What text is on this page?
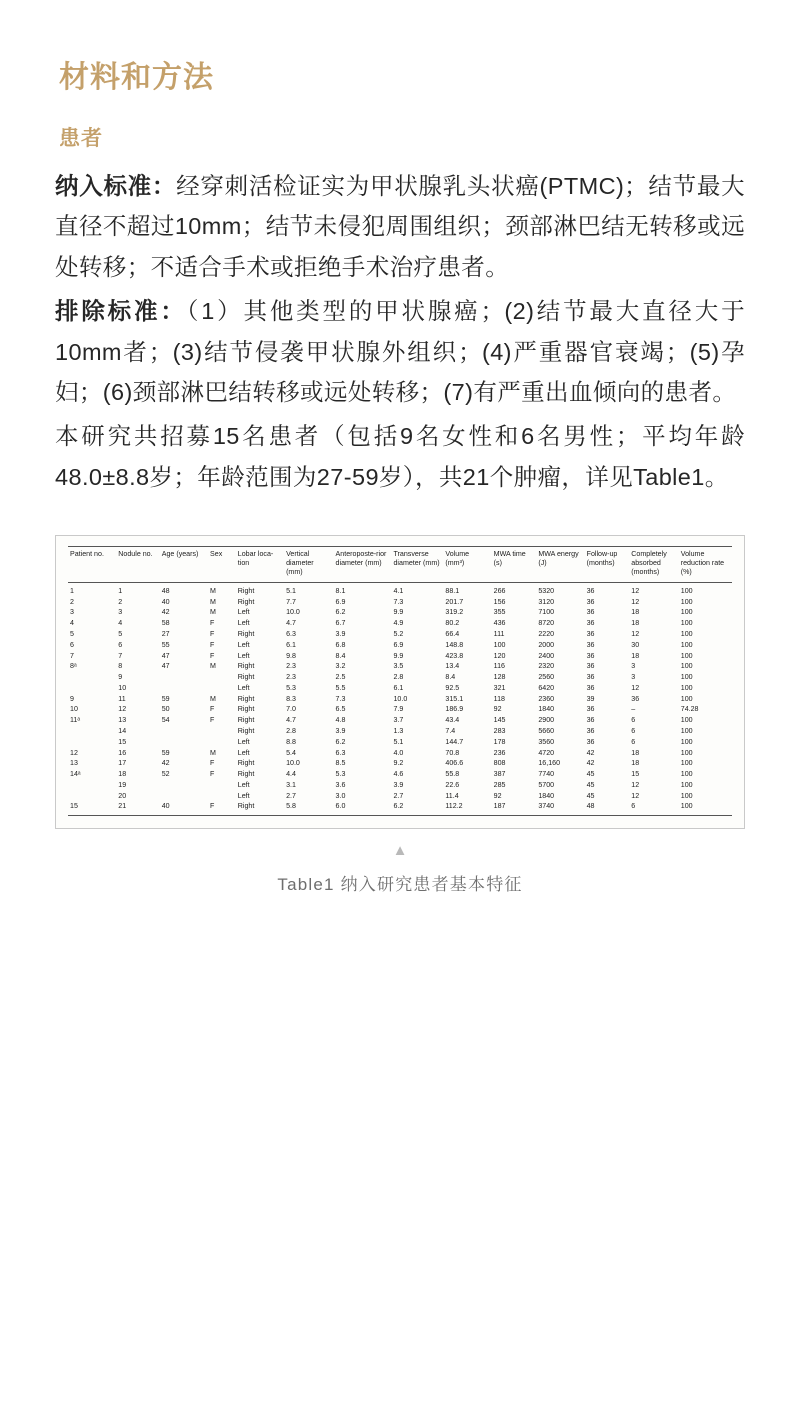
材料和方法
患者

纳入标准：经穿刺活检证实为甲状腺乳头状癌(PTMC)；结节最大直径不超过10mm；结节未侵犯周围组织；颈部淋巴结无转移或远处转移；不适合手术或拒绝手术治疗患者。

排除标准：（1）其他类型的甲状腺癌；(2)结节最大直径大于10mm者；(3)结节侵袭甲状腺外组织；(4)严重器官衰竭；(5)孕妇；(6)颈部淋巴结转移或远处转移；(7)有严重出血倾向的患者。

本研究共招募15名患者（包括9名女性和6名男性；平均年龄48.0±8.8岁；年龄范围为27-59岁），共21个肿瘤，详见Table1。

Patient no.	Nodule no.	Age (years)	Sex	Lobar loca-​tion	Vertical diameter (mm)	Anteroposte-​rior diameter (mm)	Transverse diameter (mm)	Volume (mm³)	MWA time (s)	MWA energy (J)	Follow-​up (months)	Completely absorbed (months)	Volume reduction rate (%)
1	1	48	M	Right	5.1	8.1	4.1	88.1	266	5320	36	12	100
2	2	40	M	Right	7.7	6.9	7.3	201.7	156	3120	36	12	100
3	3	42	M	Left	10.0	6.2	9.9	319.2	355	7100	36	18	100
4	4	58	F	Left	4.7	6.7	4.9	80.2	436	8720	36	18	100
5	5	27	F	Right	6.3	3.9	5.2	66.4	111	2220	36	12	100
6	6	55	F	Left	6.1	6.8	6.9	148.8	100	2000	36	30	100
7	7	47	F	Left	9.8	8.4	9.9	423.8	120	2400	36	18	100
8ᵃ	8	47	M	Right	2.3	3.2	3.5	13.4	116	2320	36	3	100
	9			Right	2.3	2.5	2.8	8.4	128	2560	36	3	100
	10			Left	5.3	5.5	6.1	92.5	321	6420	36	12	100
9	11	59	M	Right	8.3	7.3	10.0	315.1	118	2360	39	36	100
10	12	50	F	Right	7.0	6.5	7.9	186.9	92	1840	36	–	74.28
11ᵃ	13	54	F	Right	4.7	4.8	3.7	43.4	145	2900	36	6	100
	14			Right	2.8	3.9	1.3	7.4	283	5660	36	6	100
	15			Left	8.8	6.2	5.1	144.7	178	3560	36	6	100
12	16	59	M	Left	5.4	6.3	4.0	70.8	236	4720	42	18	100
13	17	42	F	Right	10.0	8.5	9.2	406.6	808	16,160	42	18	100
14ᵃ	18	52	F	Right	4.4	5.3	4.6	55.8	387	7740	45	15	100
	19			Left	3.1	3.6	3.9	22.6	285	5700	45	12	100
	20			Left	2.7	3.0	2.7	11.4	92	1840	45	12	100
15	21	40	F	Right	5.8	6.0	6.2	112.2	187	3740	48	6	100
▲
Table1 纳入研究患者基本特征
